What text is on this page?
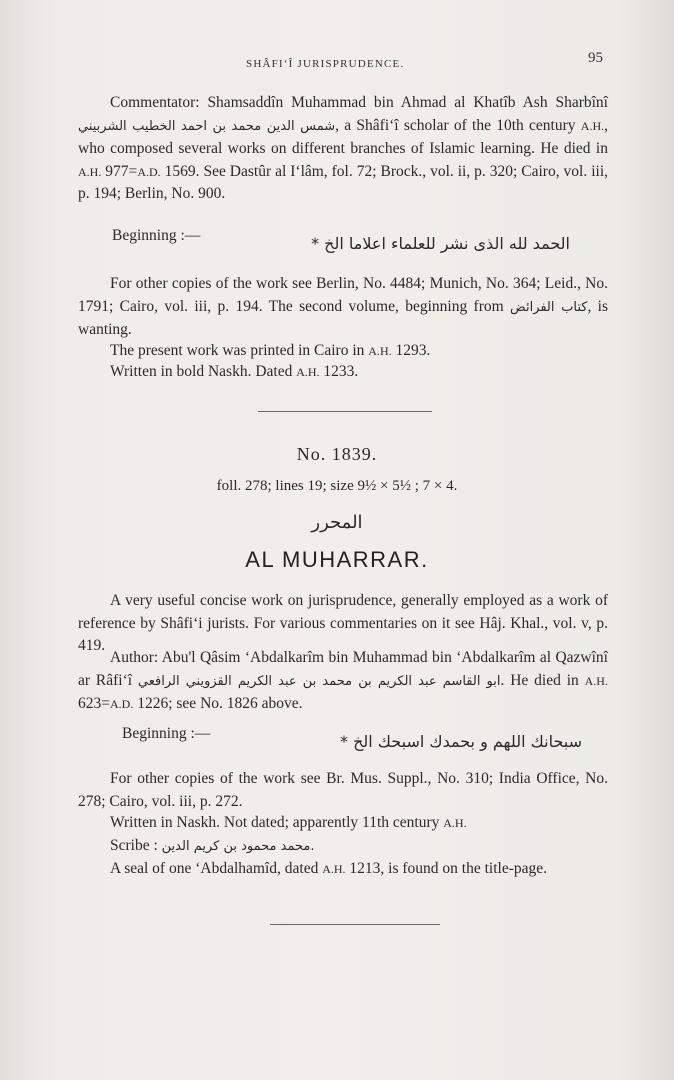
SHÂFI‘Î JURISPRUDENCE.	95

Commentator: Shamsaddîn Muhammad bin Ahmad al Khatîb Ash Sharbînî شمس الدين محمد بن احمد الخطيب الشربيني, a Shâfi‘î scholar of the 10th century A.H., who composed several works on different branches of Islamic learning. He died in A.H. 977=A.D. 1569. See Dastûr al I‘lâm, fol. 72; Brock., vol. ii, p. 320; Cairo, vol. iii, p. 194; Berlin, No. 900.

Beginning :—	الحمد لله الذى نشر للعلماء اعلاما الخ *

For other copies of the work see Berlin, No. 4484; Munich, No. 364; Leid., No. 1791; Cairo, vol. iii, p. 194. The second volume, beginning from كتاب الفرائض, is wanting.

The present work was printed in Cairo in A.H. 1293.

Written in bold Naskh. Dated A.H. 1233.

No. 1839.
foll. 278; lines 19; size 9½ × 5½ ; 7 × 4.
المحرر
AL MUHARRAR.

A very useful concise work on jurisprudence, generally employed as a work of reference by Shâfi‘i jurists. For various commentaries on it see Hâj. Khal., vol. v, p. 419.

Author: Abu'l Qâsim ‘Abdalkarîm bin Muhammad bin ‘Abdalkarîm al Qazwînî ar Râfi‘î ابو القاسم عبد الكريم بن محمد بن عبد الكريم القزويني الرافعي. He died in A.H. 623=A.D. 1226; see No. 1826 above.

Beginning :—	سبحانك اللهم و بحمدك اسبحك الخ *

For other copies of the work see Br. Mus. Suppl., No. 310; India Office, No. 278; Cairo, vol. iii, p. 272.

Written in Naskh. Not dated; apparently 11th century A.H.

Scribe : محمد محمود بن كريم الدين.

A seal of one ‘Abdalhamîd, dated A.H. 1213, is found on the title-page.
